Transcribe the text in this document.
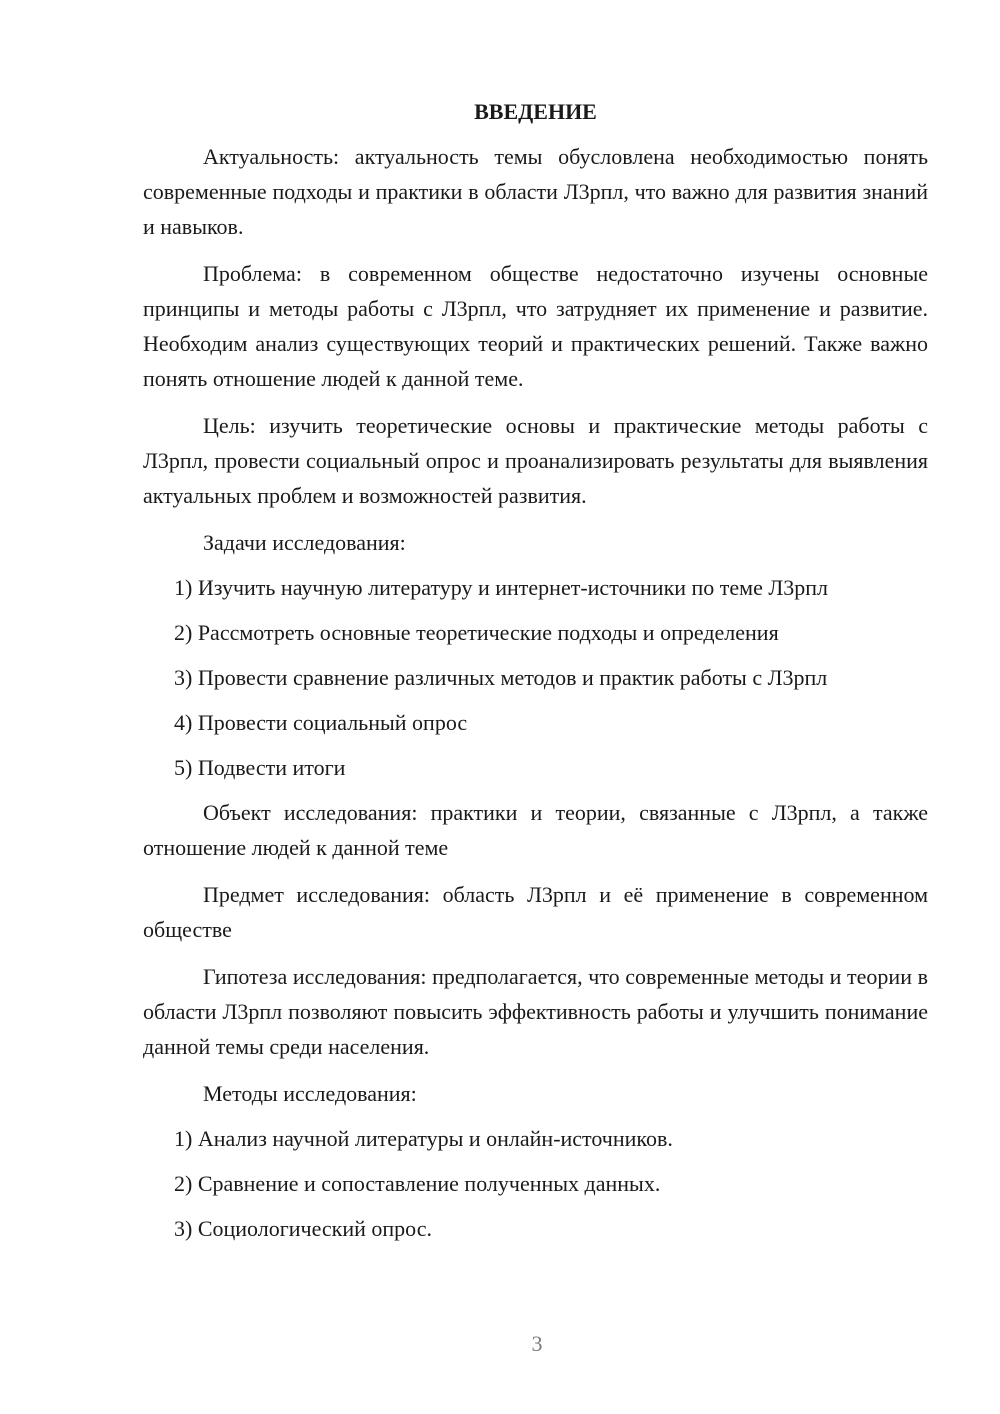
ВВЕДЕНИЕ

Актуальность: актуальность темы обусловлена необходимостью понять современные подходы и практики в области Л3рпл, что важно для развития знаний и навыков.

Проблема: в современном обществе недостаточно изучены основные принципы и методы работы с Л3рпл, что затрудняет их применение и развитие. Необходим анализ существующих теорий и практических решений. Также важно понять отношение людей к данной теме.

Цель: изучить теоретические основы и практические методы работы с Л3рпл, провести социальный опрос и проанализировать результаты для выявления актуальных проблем и возможностей развития.

Задачи исследования:

1) Изучить научную литературу и интернет-источники по теме Л3рпл
2) Рассмотреть основные теоретические подходы и определения
3) Провести сравнение различных методов и практик работы с Л3рпл
4) Провести социальный опрос
5) Подвести итоги

Объект исследования: практики и теории, связанные с Л3рпл, а также отношение людей к данной теме

Предмет исследования: область Л3рпл и её применение в современном обществе

Гипотеза исследования: предполагается, что современные методы и теории в области Л3рпл позволяют повысить эффективность работы и улучшить понимание данной темы среди населения.

Методы исследования:

1) Анализ научной литературы и онлайн-источников.
2) Сравнение и сопоставление полученных данных.
3) Социологический опрос.
3
